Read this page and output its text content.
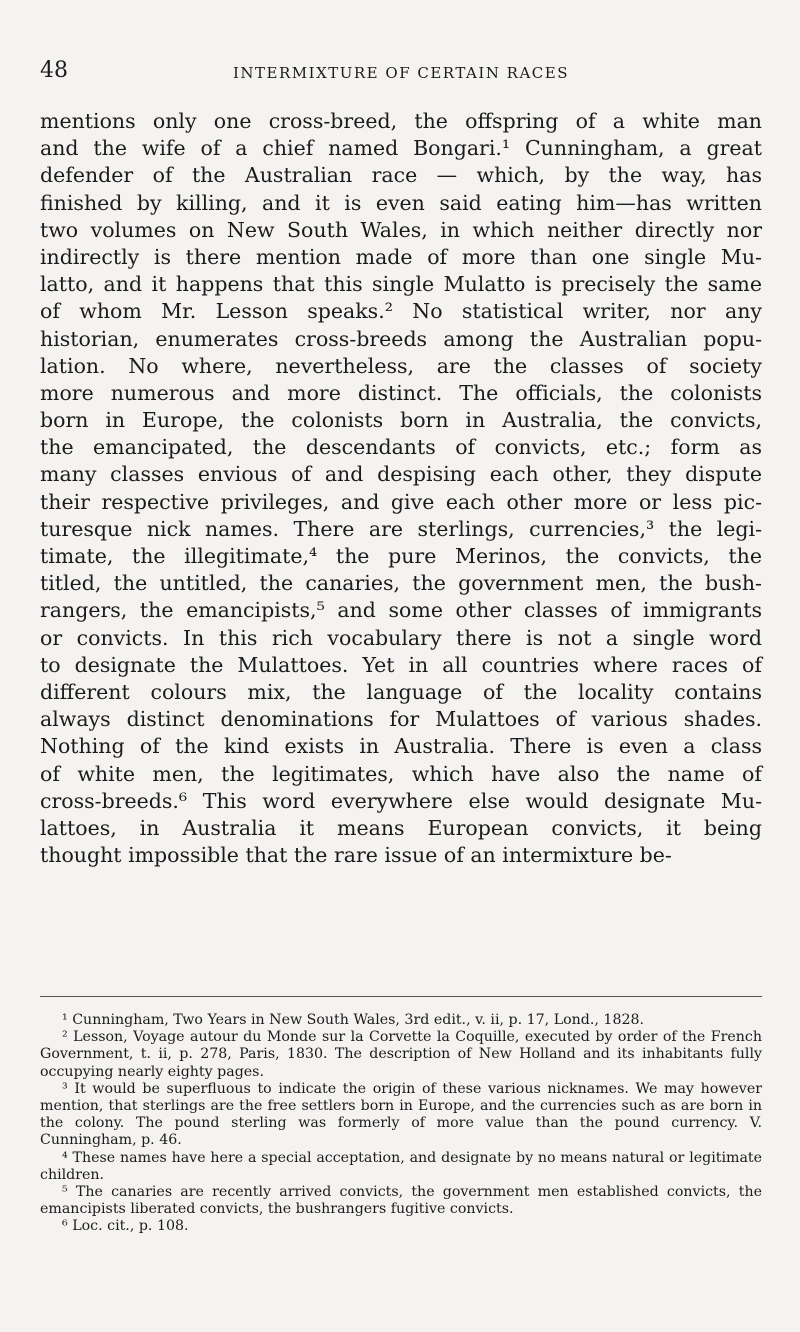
48	INTERMIXTURE OF CERTAIN RACES
mentions only one cross-breed, the offspring of a white man
and the wife of a chief named Bongari.¹ Cunningham, a great
defender of the Australian race — which, by the way, has
finished by killing, and it is even said eating him—has written
two volumes on New South Wales, in which neither directly nor
indirectly is there mention made of more than one single Mu-
latto, and it happens that this single Mulatto is precisely the same
of whom Mr. Lesson speaks.² No statistical writer, nor any
historian, enumerates cross-breeds among the Australian popu-
lation. No where, nevertheless, are the classes of society
more numerous and more distinct. The officials, the colonists
born in Europe, the colonists born in Australia, the convicts,
the emancipated, the descendants of convicts, etc.; form as
many classes envious of and despising each other, they dispute
their respective privileges, and give each other more or less pic-
turesque nick names. There are sterlings, currencies,³ the legi-
timate, the illegitimate,⁴ the pure Merinos, the convicts, the
titled, the untitled, the canaries, the government men, the bush-
rangers, the emancipists,⁵ and some other classes of immigrants
or convicts. In this rich vocabulary there is not a single word
to designate the Mulattoes. Yet in all countries where races of
different colours mix, the language of the locality contains
always distinct denominations for Mulattoes of various shades.
Nothing of the kind exists in Australia. There is even a class
of white men, the legitimates, which have also the name of
cross-breeds.⁶ This word everywhere else would designate Mu-
lattoes, in Australia it means European convicts, it being
thought impossible that the rare issue of an intermixture be-

¹ Cunningham, Two Years in New South Wales, 3rd edit., v. ii, p. 17, Lond., 1828.

² Lesson, Voyage autour du Monde sur la Corvette la Coquille, executed by order of the French Government, t. ii, p. 278, Paris, 1830. The description of New Holland and its inhabitants fully occupying nearly eighty pages.

³ It would be superfluous to indicate the origin of these various nicknames. We may however mention, that sterlings are the free settlers born in Europe, and the currencies such as are born in the colony. The pound sterling was formerly of more value than the pound currency. V. Cunningham, p. 46.

⁴ These names have here a special acceptation, and designate by no means natural or legitimate children.

⁵ The canaries are recently arrived convicts, the government men established convicts, the emancipists liberated convicts, the bushrangers fugitive convicts.

⁶ Loc. cit., p. 108.
